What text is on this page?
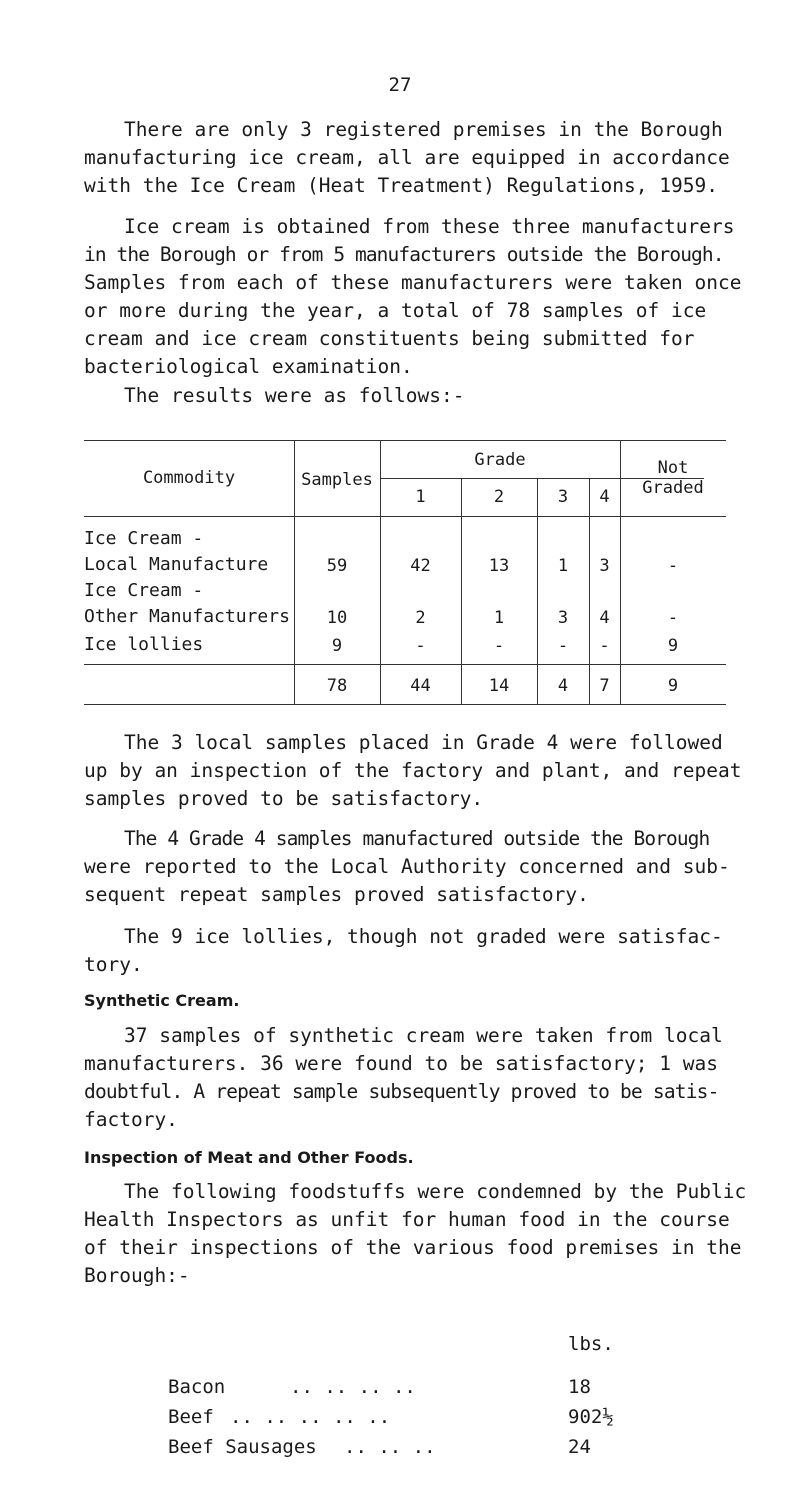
27

There are only 3 registered premises in the Borough
manufacturing ice cream, all are equipped in accordance
with the Ice Cream (Heat Treatment) Regulations, 1959.

Ice cream is obtained from these three manufacturers
in the Borough or from 5 manufacturers outside the Borough.
Samples from each of these manufacturers were taken once
or more during the year, a total of 78 samples of ice
cream and ice cream constituents being submitted for
bacteriological examination.

The results were as follows:-

Commodity	Samples
Grade
1	2	3	4
Not
Graded
Ice Cream -
Local Manufacture	59	42	13	1	3	-
Ice Cream -
Other Manufacturers	10	2	1	3	4	-
Ice lollies	9	-	-	-	-	9
78	44	14	4	7	9

The 3 local samples placed in Grade 4 were followed
up by an inspection of the factory and plant, and repeat
samples proved to be satisfactory.

The 4 Grade 4 samples manufactured outside the Borough
were reported to the Local Authority concerned and sub-
sequent repeat samples proved satisfactory.

The 9 ice lollies, though not graded were satisfac-
tory.

Synthetic Cream.

37 samples of synthetic cream were taken from local
manufacturers. 36 were found to be satisfactory; 1 was
doubtful. A repeat sample subsequently proved to be satis-
factory.

Inspection of Meat and Other Foods.

The following foodstuffs were condemned by the Public
Health Inspectors as unfit for human food in the course
of their inspections of the various food premises in the
Borough:-

lbs.
Bacon	.. .. .. ..	18
Beef .. .. .. .. ..	902½
Beef Sausages .. .. ..	24
